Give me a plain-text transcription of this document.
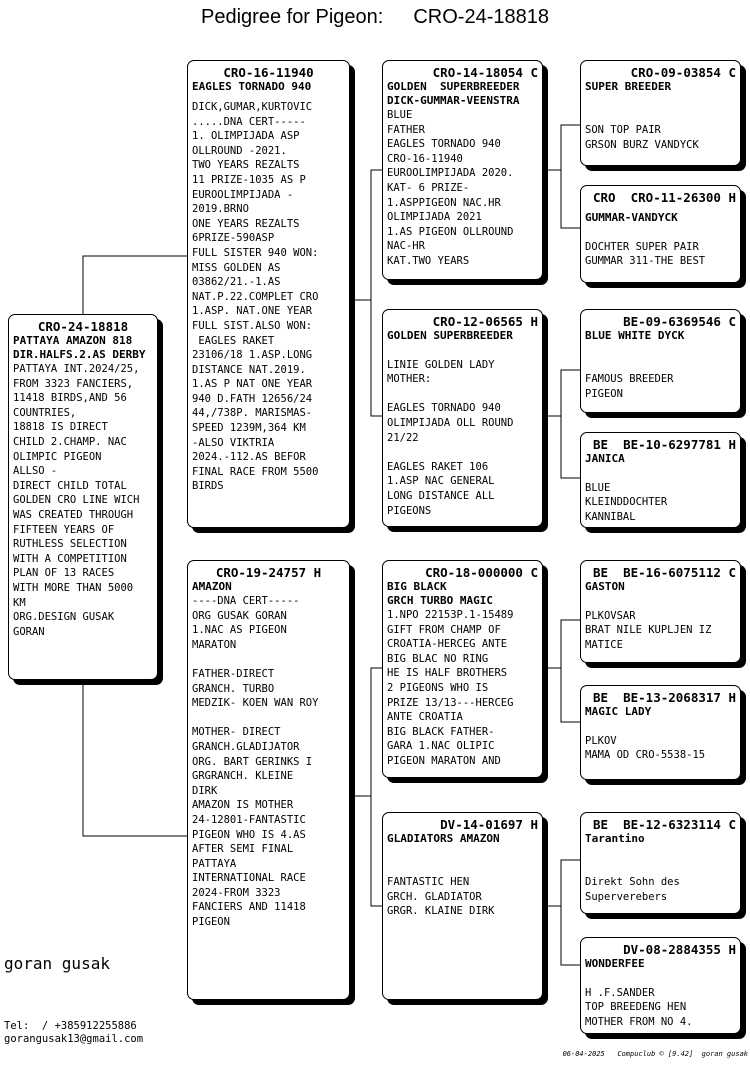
Pedigree for Pigeon: CRO-24-18818
CRO-24-18818
PATTAYA AMAZON 818
DIR.HALFS.2.AS DERBY
PATTAYA INT.2024/25,
FROM 3323 FANCIERS,
11418 BIRDS,AND 56
COUNTRIES,
18818 IS DIRECT
CHILD 2.CHAMP. NAC
OLIMPIC PIGEON
ALLSO -
DIRECT CHILD TOTAL
GOLDEN CRO LINE WICH
WAS CREATED THROUGH
FIFTEEN YEARS OF
RUTHLESS SELECTION
WITH A COMPETITION
PLAN OF 13 RACES
WITH MORE THAN 5000
KM
ORG.DESIGN GUSAK
GORAN
CRO-16-11940
EAGLES TORNADO 940
DICK,GUMAR,KURTOVIC
.....DNA CERT-----
1. OLIMPIJADA ASP
OLLROUND -2021.
TWO YEARS REZALTS
11 PRIZE-1035 AS P
EUROOLIMPIJADA -
2019.BRNO
ONE YEARS REZALTS
6PRIZE-590ASP
FULL SISTER 940 WON:
MISS GOLDEN AS
03862/21.-1.AS
NAT.P.22.COMPLET CRO
1.ASP. NAT.ONE YEAR
FULL SIST.ALSO WON:
EAGLES RAKET
23106/18 1.ASP.LONG
DISTANCE NAT.2019.
1.AS P NAT ONE YEAR
940 D.FATH 12656/24
44,/738P. MARISMAS-
SPEED 1239M,364 KM
-ALSO VIKTRIA
2024.-112.AS BEFOR
FINAL RACE FROM 5500
BIRDS
CRO-19-24757 H
AMAZON
----DNA CERT-----
ORG GUSAK GORAN
1.NAC AS PIGEON
MARATON

FATHER-DIRECT
GRANCH. TURBO
MEDZIK- KOEN WAN ROY

MOTHER- DIRECT
GRANCH.GLADIJATOR
ORG. BART GERINKS I
GRGRANCH. KLEINE
DIRK
AMAZON IS MOTHER
24-12801-FANTASTIC
PIGEON WHO IS 4.AS
AFTER SEMI FINAL
PATTAYA
INTERNATIONAL RACE
2024-FROM 3323
FANCIERS AND 11418
PIGEON
CRO-14-18054 C
GOLDEN  SUPERBREEDER
DICK-GUMMAR-VEENSTRA
BLUE
FATHER
EAGLES TORNADO 940
CRO-16-11940
EUROOLIMPIJADA 2020.
KAT- 6 PRIZE-
1.ASPPIGEON NAC.HR
OLIMPIJADA 2021
1.AS PIGEON OLLROUND
NAC-HR
KAT.TWO YEARS
CRO-12-06565 H
GOLDEN SUPERBREEDER

LINIE GOLDEN LADY
MOTHER:

EAGLES TORNADO 940
OLIMPIJADA OLL ROUND
21/22

EAGLES RAKET 106
1.ASP NAC GENERAL
LONG DISTANCE ALL
PIGEONS
CRO-18-000000 C
BIG BLACK
GRCH TURBO MAGIC
1.NPO 22153P.1-15489
GIFT FROM CHAMP OF
CROATIA-HERCEG ANTE
BIG BLAC NO RING
HE IS HALF BROTHERS
2 PIGEONS WHO IS
PRIZE 13/13---HERCEG
ANTE CROATIA
BIG BLACK FATHER-
GARA 1.NAC OLIPIC
PIGEON MARATON AND
DV-14-01697 H
GLADIATORS AMAZON

FANTASTIC HEN
GRCH. GLADIATOR
GRGR. KLAINE DIRK
CRO-09-03854 C
SUPER BREEDER

SON TOP PAIR
GRSON BURZ VANDYCK
CRO  CRO-11-26300 H
GUMMAR-VANDYCK

DOCHTER SUPER PAIR
GUMMAR 311-THE BEST
BE-09-6369546 C
BLUE WHITE DYCK

FAMOUS BREEDER
PIGEON
BE  BE-10-6297781 H
JANICA

BLUE
KLEINDDOCHTER
KANNIBAL
BE  BE-16-6075112 C
GASTON

PLKOVSAR
BRAT NILE KUPLJEN IZ
MATICE
BE  BE-13-2068317 H
MAGIC LADY

PLKOV
MAMA OD CRO-5538-15
BE  BE-12-6323114 C
Tarantino

Direkt Sohn des
Superverebers
DV-08-2884355 H
WONDERFEE

H .F.SANDER
TOP BREEDENG HEN
MOTHER FROM NO 4.
goran gusak
Tel:  / +385912255886
gorangusak13@gmail.com
06-04-2025   Compuclub © [9.42]  goran gusak
